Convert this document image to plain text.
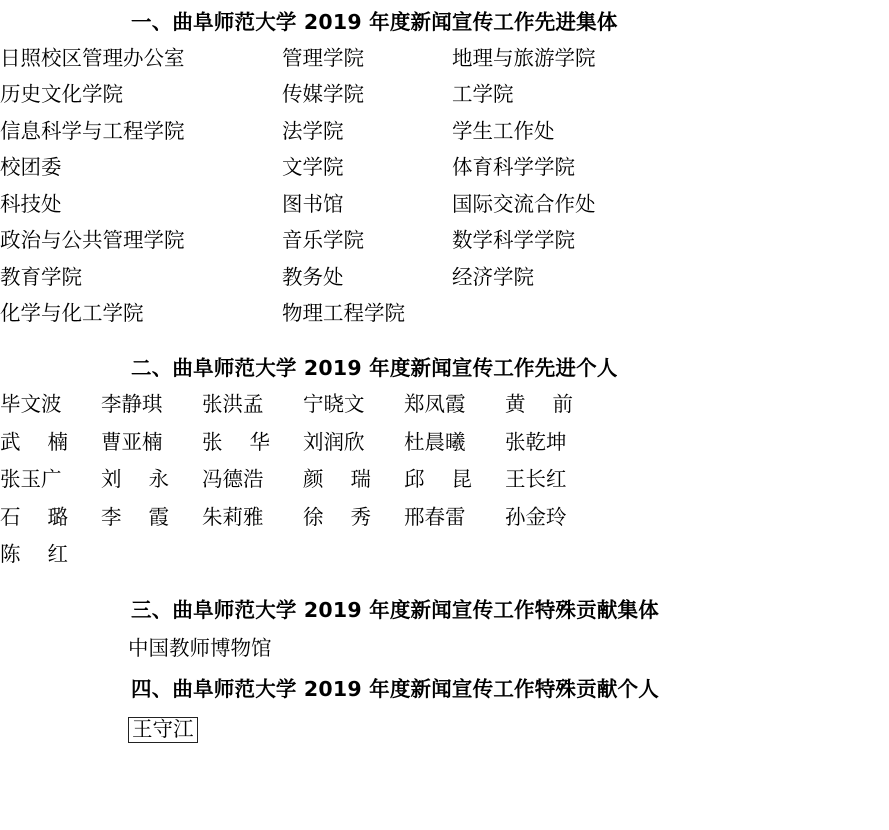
一、曲阜师范大学 2019 年度新闻宣传工作先进集体
日照校区管理办公室	管理学院	地理与旅游学院
历史文化学院	传媒学院	工学院
信息科学与工程学院	法学院	学生工作处
校团委	文学院	体育科学学院
科技处	图书馆	国际交流合作处
政治与公共管理学院	音乐学院	数学科学学院
教育学院	教务处	经济学院
化学与化工学院	物理工程学院	
二、曲阜师范大学 2019 年度新闻宣传工作先进个人
毕文波	李静琪	张洪孟	宁晓文	郑凤霞	黄前
武楠	曹亚楠	张华	刘润欣	杜晨曦	张乾坤
张玉广	刘永	冯德浩	颜瑞	邱昆	王长红
石璐	李霞	朱莉雅	徐秀	邢春雷	孙金玲
陈红					
三、曲阜师范大学 2019 年度新闻宣传工作特殊贡献集体
中国教师博物馆
四、曲阜师范大学 2019 年度新闻宣传工作特殊贡献个人
王守江
